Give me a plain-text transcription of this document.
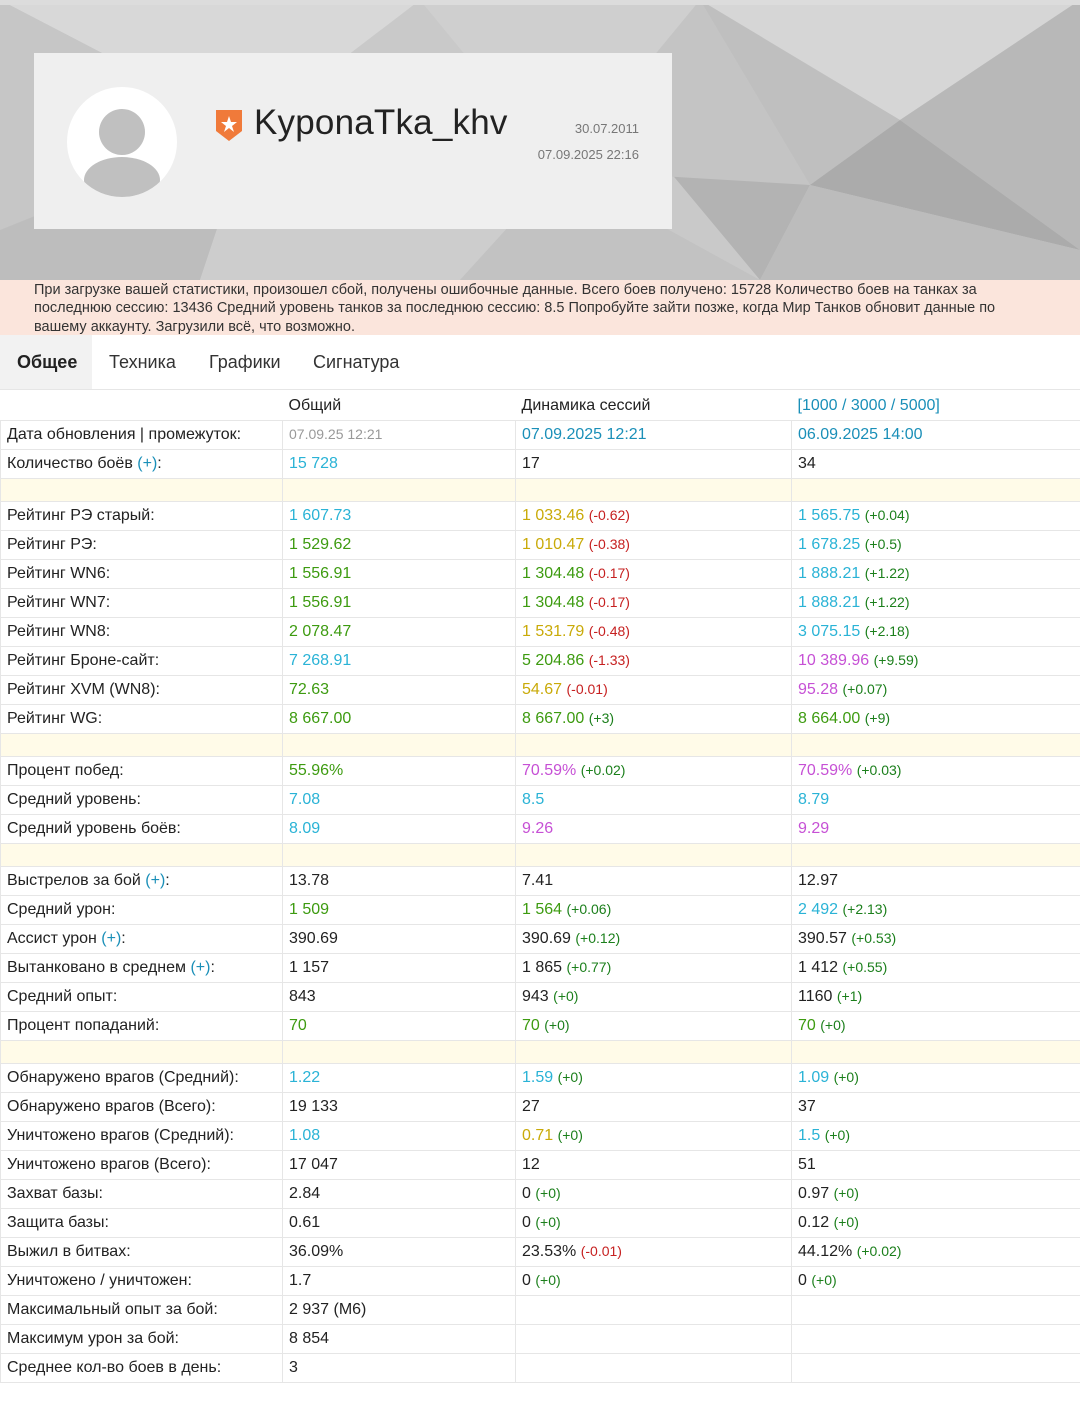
KyponaTka_khv	30.07.2011
07.09.2025 22:16
При загрузке вашей статистики, произошел сбой, получены ошибочные данные. Всего боев получено: 15728 Количество боев на танках за последнюю сессию: 13436 Средний уровень танков за последнюю сессию: 8.5 Попробуйте зайти позже, когда Мир Танков обновит данные по вашему аккаунту. Загрузили всё, что возможно.
Общее	Техника	Графики	Сигнатура
	Общий	Динамика сессий	[1000 / 3000 / 5000]
Дата обновления | промежуток:	07.09.25 12:21	07.09.2025 12:21	06.09.2025 14:00
Количество боёв (+):	15 728	17	34

Рейтинг РЭ старый:	1 607.73	1 033.46 (-0.62)	1 565.75 (+0.04)
Рейтинг РЭ:	1 529.62	1 010.47 (-0.38)	1 678.25 (+0.5)
Рейтинг WN6:	1 556.91	1 304.48 (-0.17)	1 888.21 (+1.22)
Рейтинг WN7:	1 556.91	1 304.48 (-0.17)	1 888.21 (+1.22)
Рейтинг WN8:	2 078.47	1 531.79 (-0.48)	3 075.15 (+2.18)
Рейтинг Броне-сайт:	7 268.91	5 204.86 (-1.33)	10 389.96 (+9.59)
Рейтинг XVM (WN8):	72.63	54.67 (-0.01)	95.28 (+0.07)
Рейтинг WG:	8 667.00	8 667.00 (+3)	8 664.00 (+9)

Процент побед:	55.96%	70.59% (+0.02)	70.59% (+0.03)
Средний уровень:	7.08	8.5	8.79
Средний уровень боёв:	8.09	9.26	9.29

Выстрелов за бой (+):	13.78	7.41	12.97
Средний урон:	1 509	1 564 (+0.06)	2 492 (+2.13)
Ассист урон (+):	390.69	390.69 (+0.12)	390.57 (+0.53)
Вытанковано в среднем (+):	1 157	1 865 (+0.77)	1 412 (+0.55)
Средний опыт:	843	943 (+0)	1160 (+1)
Процент попаданий:	70	70 (+0)	70 (+0)

Обнаружено врагов (Средний):	1.22	1.59 (+0)	1.09 (+0)
Обнаружено врагов (Всего):	19 133	27	37
Уничтожено врагов (Средний):	1.08	0.71 (+0)	1.5 (+0)
Уничтожено врагов (Всего):	17 047	12	51
Захват базы:	2.84	0 (+0)	0.97 (+0)
Защита базы:	0.61	0 (+0)	0.12 (+0)
Выжил в битвах:	36.09%	23.53% (-0.01)	44.12% (+0.02)
Уничтожено / уничтожен:	1.7	0 (+0)	0 (+0)
Максимальный опыт за бой:	2 937 (M6)		
Максимум урон за бой:	8 854		
Среднее кол-во боев в день:	3		
